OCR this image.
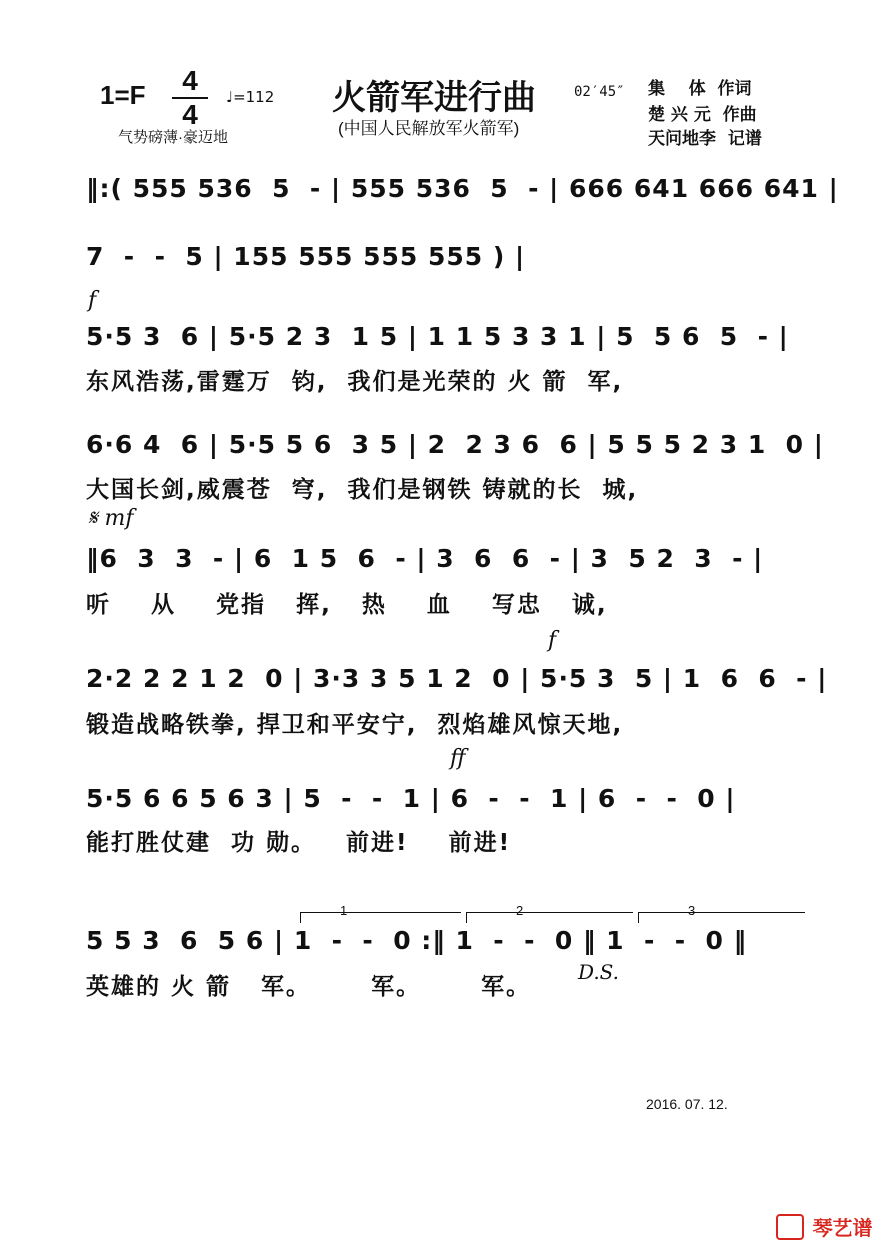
1=F	4
4
♩=112
气势磅薄·豪迈地
火箭军进行曲
(中国人民解放军火箭军)
02′45″ 集    体  作词
楚 兴 元  作曲
天问地李  记谱
‖:( 555 536  5  - | 555 536  5  - | 666 641 666 641 |
7  -  -  5 | 155 555 555 555 ) |
f
5·5 3  6 | 5·5 2 3  1 5 | 1 1 5 3 3 1 | 5  5 6  5  - |
东风浩荡,雷霆万  钧,  我们是光荣的 火 箭  军,
6·6 4  6 | 5·5 5 6  3 5 | 2  2 3 6  6 | 5 5 5 2 3 1  0 |
大国长剑,威震苍  穹,  我们是钢铁 铸就的长  城,
𝄋 mf
‖6  3  3  - | 6  1 5  6  - | 3  6  6  - | 3  5 2  3  - |
听    从    党指   挥,   热    血    写忠   诚,
f
2·2 2 2 1 2  0 | 3·3 3 5 1 2  0 | 5·5 3  5 | 1  6  6  - |
锻造战略铁拳, 捍卫和平安宁,  烈焰雄风惊天地,
ff
5·5 6 6 5 6 3 | 5  -  -  1 | 6  -  -  1 | 6  -  -  0 |
能打胜仗建  功 勋。   前进!    前进!
1	2	3
5 5 3  6  5 6 | 1  -  -  0 :‖ 1  -  -  0 ‖ 1  -  -  0 ‖
D.S.
英雄的 火 箭   军。      军。      军。
2016. 07. 12.
琴艺谱
